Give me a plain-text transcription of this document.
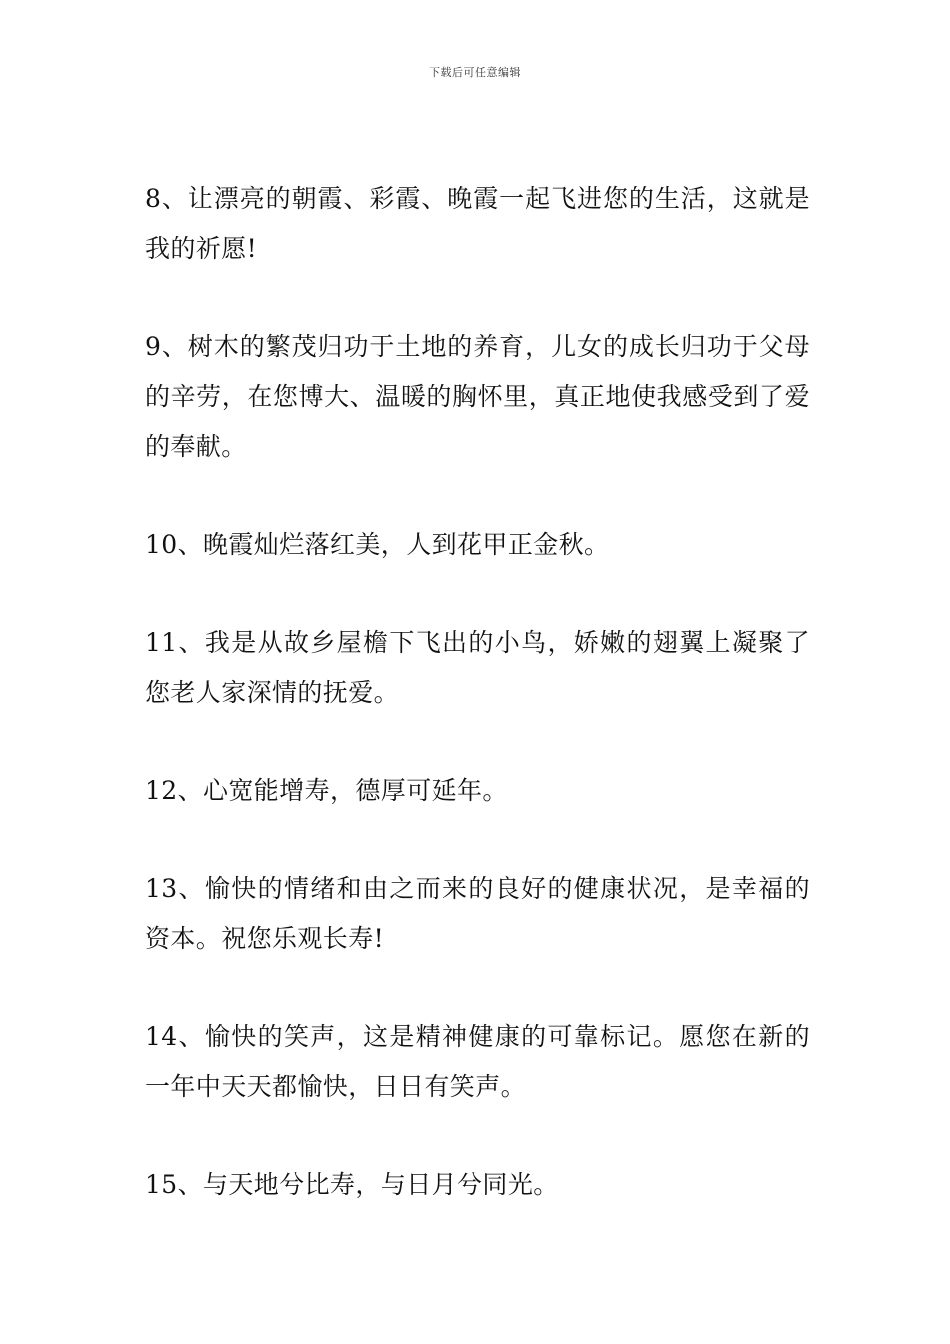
下载后可任意编辑

8、让漂亮的朝霞、彩霞、晚霞一起飞进您的生活，这就是我的祈愿!

9、树木的繁茂归功于土地的养育，儿女的成长归功于父母的辛劳，在您博大、温暖的胸怀里，真正地使我感受到了爱的奉献。

10、晚霞灿烂落红美，人到花甲正金秋。

11、我是从故乡屋檐下飞出的小鸟，娇嫩的翅翼上凝聚了您老人家深情的抚爱。

12、心宽能增寿，德厚可延年。

13、愉快的情绪和由之而来的良好的健康状况，是幸福的资本。祝您乐观长寿!

14、愉快的笑声，这是精神健康的可靠标记。愿您在新的一年中天天都愉快，日日有笑声。

15、与天地兮比寿，与日月兮同光。
